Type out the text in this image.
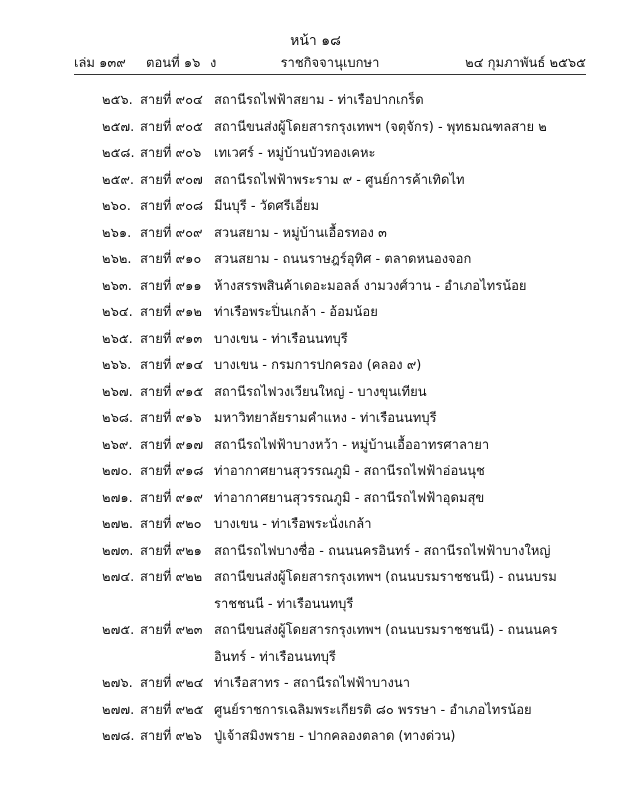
หน้า ๑๘
ราชกิจจานุเบกษา
เล่ม ๑๓๙ ตอนที่ ๑๖ ง	๒๔ กุมภาพันธ์ ๒๕๖๕
๒๕๖. สายที่ ๙๐๔ สถานีรถไฟฟ้าสยาม - ท่าเรือปากเกร็ด
๒๕๗. สายที่ ๙๐๕ สถานีขนส่งผู้โดยสารกรุงเทพฯ (จตุจักร) - พุทธมณฑลสาย ๒
๒๕๘. สายที่ ๙๐๖ เทเวศร์ - หมู่บ้านบัวทองเคหะ
๒๕๙. สายที่ ๙๐๗ สถานีรถไฟฟ้าพระราม ๙ - ศูนย์การค้าเทิดไท
๒๖๐. สายที่ ๙๐๘ มีนบุรี - วัดศรีเอี่ยม
๒๖๑. สายที่ ๙๐๙ สวนสยาม - หมู่บ้านเอื้อรทอง ๓
๒๖๒. สายที่ ๙๑๐ สวนสยาม - ถนนราษฎร์อุทิศ - ตลาดหนองจอก
๒๖๓. สายที่ ๙๑๑ ห้างสรรพสินค้าเดอะมอลล์ งามวงศ์วาน - อำเภอไทรน้อย
๒๖๔. สายที่ ๙๑๒ ท่าเรือพระปิ่นเกล้า - อ้อมน้อย
๒๖๕. สายที่ ๙๑๓ บางเขน - ท่าเรือนนทบุรี
๒๖๖. สายที่ ๙๑๔ บางเขน - กรมการปกครอง (คลอง ๙)
๒๖๗. สายที่ ๙๑๕ สถานีรถไฟวงเวียนใหญ่ - บางขุนเทียน
๒๖๘. สายที่ ๙๑๖ มหาวิทยาลัยรามคำแหง - ท่าเรือนนทบุรี
๒๖๙. สายที่ ๙๑๗ สถานีรถไฟฟ้าบางหว้า - หมู่บ้านเอื้ออาทรศาลายา
๒๗๐. สายที่ ๙๑๘ ท่าอากาศยานสุวรรณภูมิ - สถานีรถไฟฟ้าอ่อนนุช
๒๗๑. สายที่ ๙๑๙ ท่าอากาศยานสุวรรณภูมิ - สถานีรถไฟฟ้าอุดมสุข
๒๗๒. สายที่ ๙๒๐ บางเขน - ท่าเรือพระนั่งเกล้า
๒๗๓. สายที่ ๙๒๑ สถานีรถไฟบางซื่อ - ถนนนครอินทร์ - สถานีรถไฟฟ้าบางใหญ่
๒๗๔. สายที่ ๙๒๒ สถานีขนส่งผู้โดยสารกรุงเทพฯ (ถนนบรมราชชนนี) - ถนนบรมราชชนนี - ท่าเรือนนทบุรี
๒๗๕. สายที่ ๙๒๓ สถานีขนส่งผู้โดยสารกรุงเทพฯ (ถนนบรมราชชนนี) - ถนนนครอินทร์ - ท่าเรือนนทบุรี
๒๗๖. สายที่ ๙๒๔ ท่าเรือสาทร - สถานีรถไฟฟ้าบางนา
๒๗๗. สายที่ ๙๒๕ ศูนย์ราชการเฉลิมพระเกียรติ ๘๐ พรรษา - อำเภอไทรน้อย
๒๗๘. สายที่ ๙๒๖ ปู่เจ้าสมิงพราย - ปากคลองตลาด (ทางด่วน)
